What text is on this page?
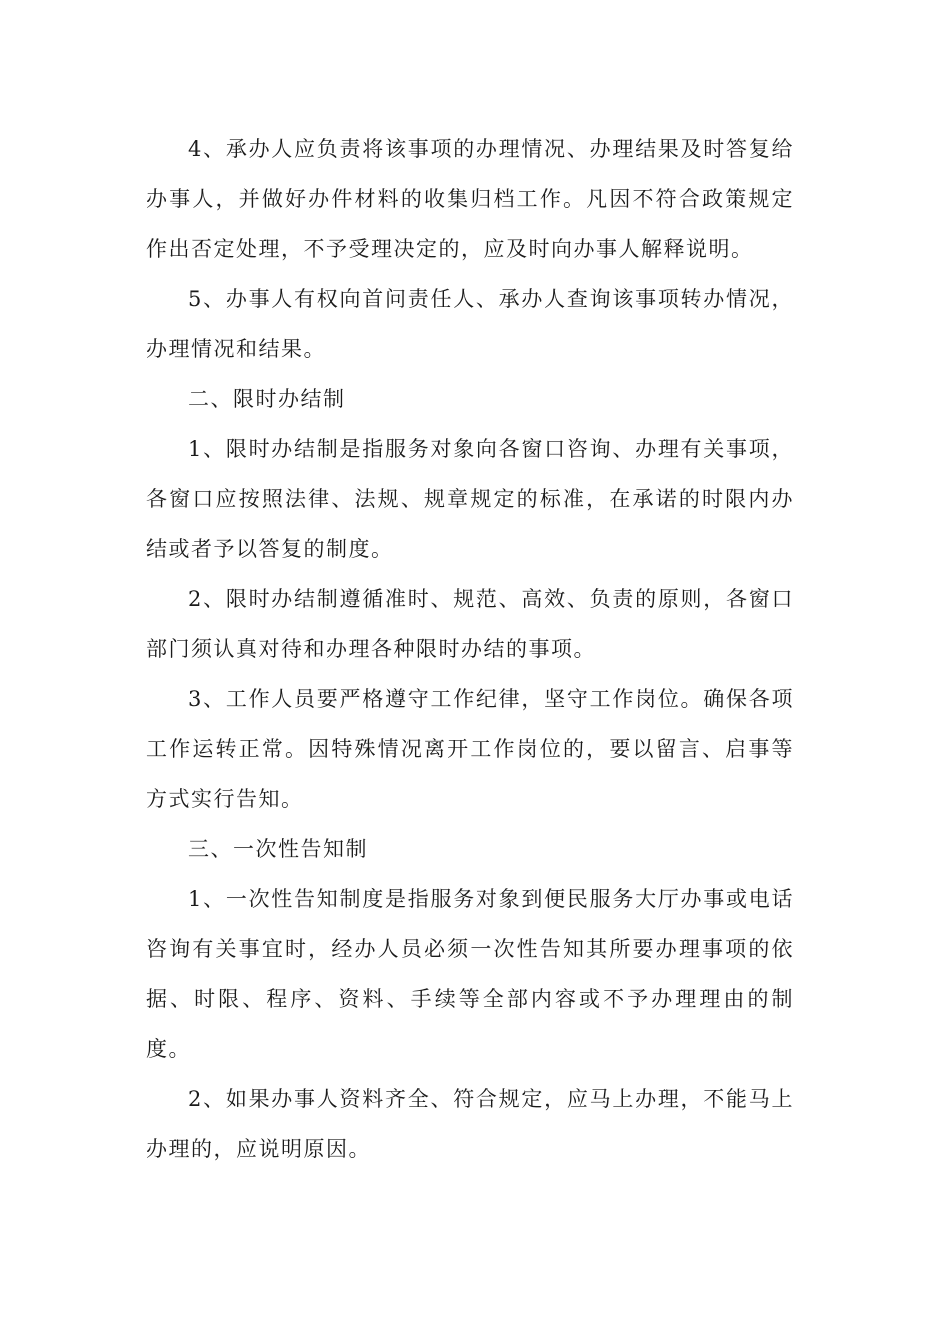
4、承办人应负责将该事项的办理情况、办理结果及时答复给办事人，并做好办件材料的收集归档工作。凡因不符合政策规定作出否定处理，不予受理决定的，应及时向办事人解释说明。

5、办事人有权向首问责任人、承办人查询该事项转办情况，办理情况和结果。

二、限时办结制

1、限时办结制是指服务对象向各窗口咨询、办理有关事项，各窗口应按照法律、法规、规章规定的标准，在承诺的时限内办结或者予以答复的制度。

2、限时办结制遵循准时、规范、高效、负责的原则，各窗口部门须认真对待和办理各种限时办结的事项。

3、工作人员要严格遵守工作纪律，坚守工作岗位。确保各项工作运转正常。因特殊情况离开工作岗位的，要以留言、启事等方式实行告知。

三、一次性告知制

1、一次性告知制度是指服务对象到便民服务大厅办事或电话咨询有关事宜时，经办人员必须一次性告知其所要办理事项的依据、时限、程序、资料、手续等全部内容或不予办理理由的制度。

2、如果办事人资料齐全、符合规定，应马上办理，不能马上办理的，应说明原因。
